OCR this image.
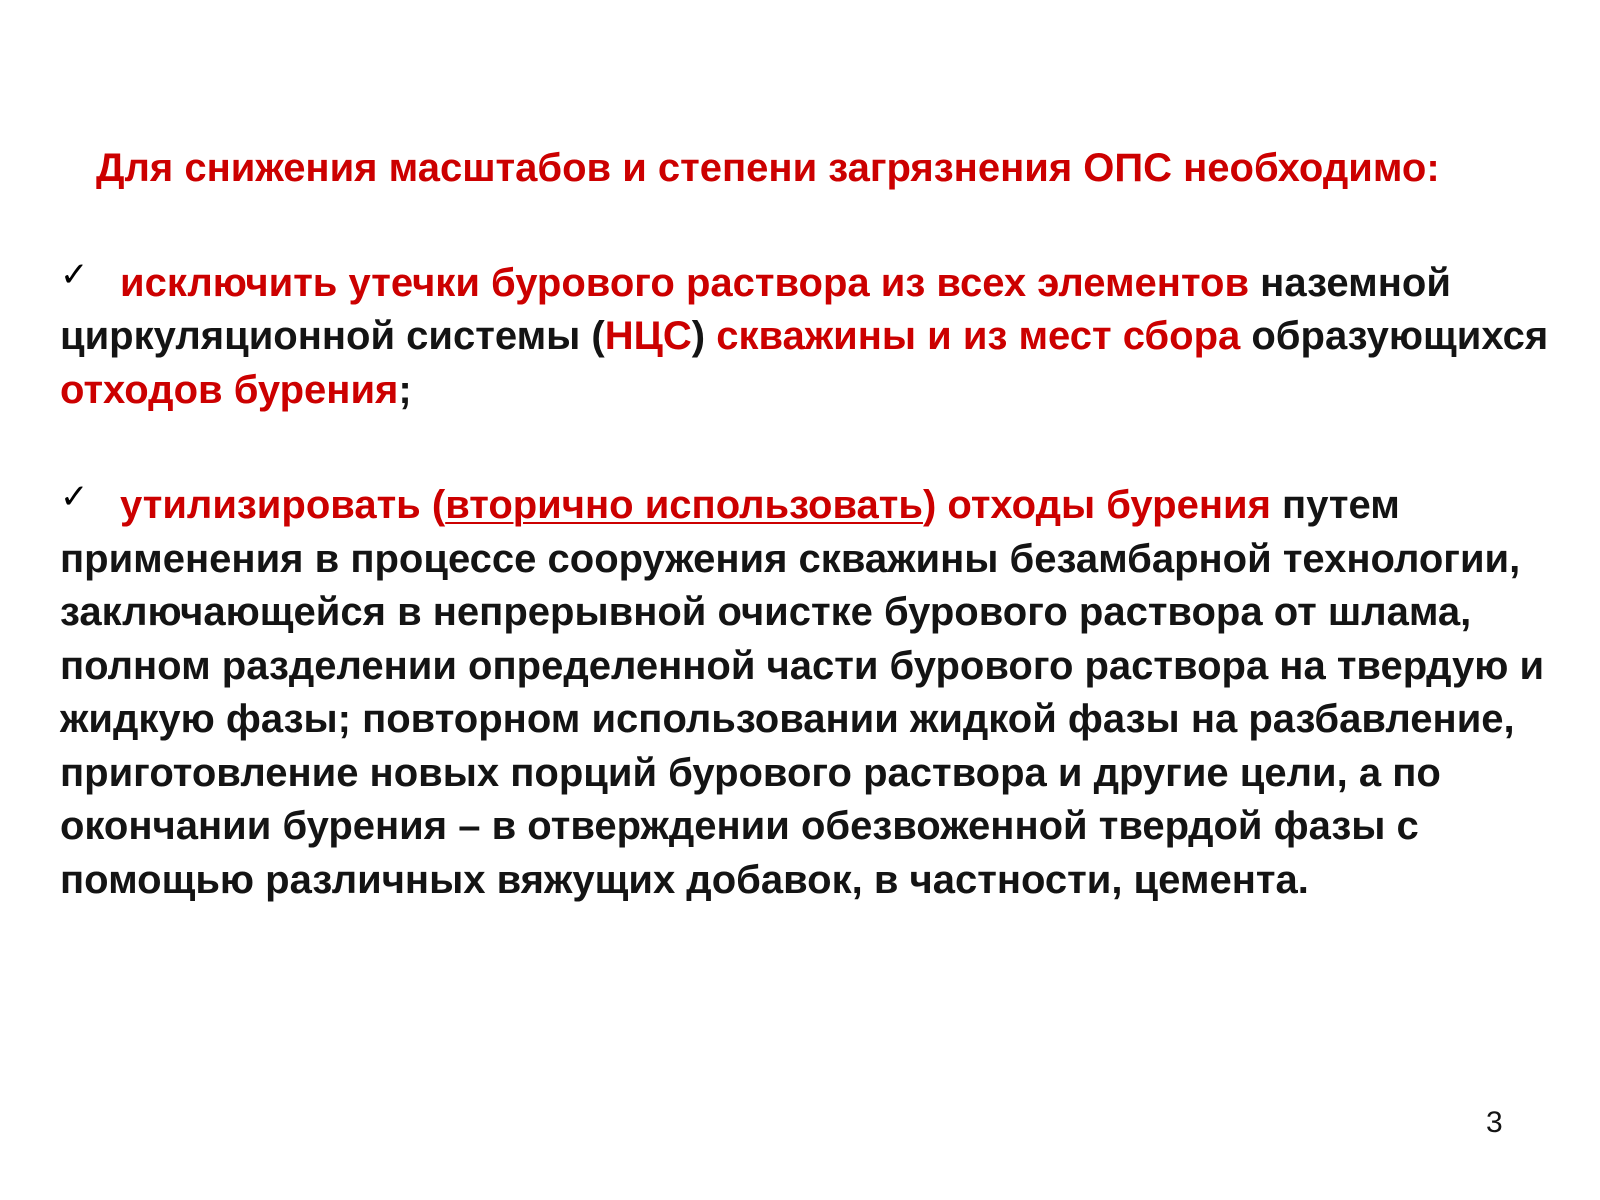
Для снижения масштабов и степени загрязнения ОПС необходимо:

✓ исключить утечки бурового раствора из всех элементов наземной циркуляционной системы (НЦС) скважины и из мест сбора образующихся отходов бурения;

✓ утилизировать (вторично использовать) отходы бурения путем применения в процессе сооружения скважины безамбарной технологии, заключающейся в непрерывной очистке бурового раствора от шлама, полном разделении определенной части бурового раствора на твердую и жидкую фазы; повторном использовании жидкой фазы на разбавление, приготовление новых порций бурового раствора и другие цели, а по окончании бурения – в отверждении обезвоженной твердой фазы с помощью различных вяжущих добавок, в частности, цемента.

3
